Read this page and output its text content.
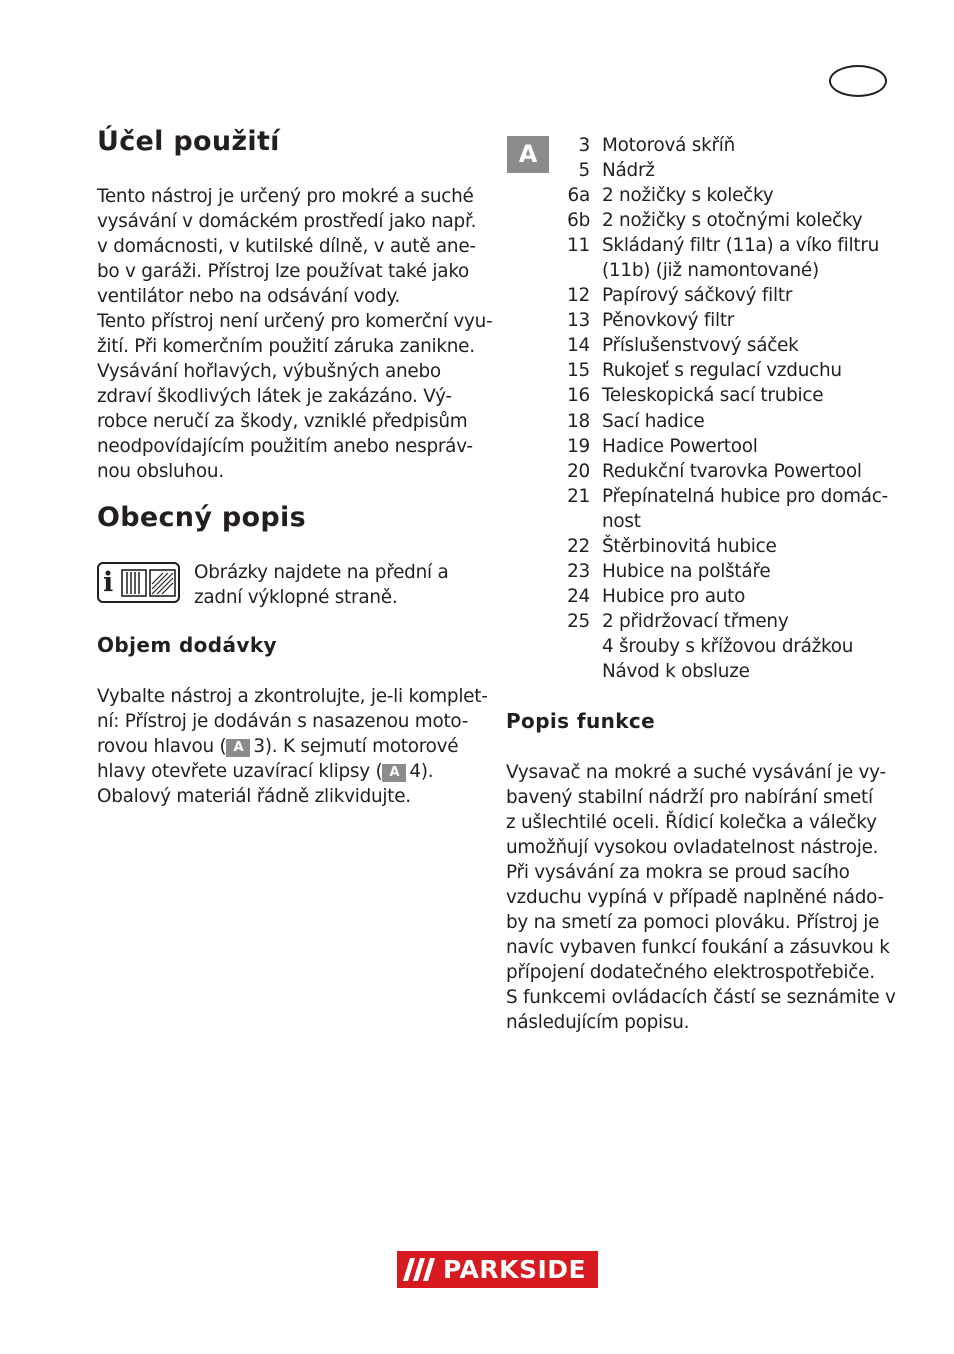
Účel použití

Tento nástroj je určený pro mokré a suché

vysávání v domáckém prostředí jako např.

v domácnosti, v kutilské dílně, v autě ane-

bo v garáži. Přístroj lze používat také jako

ventilátor nebo na odsávání vody.

Tento přístroj není určený pro komerční vyu-

žití. Při komerčním použití záruka zanikne.

Vysávání hořlavých, výbušných anebo

zdraví škodlivých látek je zakázáno. Vý-

robce neručí za škody, vzniklé předpisům

neodpovídajícím použitím anebo nespráv-

nou obsluhou.

Obecný popis
i	Obrázky najdete na přední a

zadní výklopné straně.

Objem dodávky

Vybalte nástroj a zkontrolujte, je-li komplet-

ní: Přístroj je dodáván s nasazenou moto-

rovou hlavou ( A 3). K sejmutí motorové

hlavy otevřete uzavírací klipsy ( A 4).

Obalový materiál řádně zlikvidujte.

A	3 Motorová skříň
5 Nádrž
6a 2 nožičky s kolečky
6b 2 nožičky s otočnými kolečky
11 Skládaný filtr (11a) a víko filtru
(11b) (již namontované)
12 Papírový sáčkový filtr
13 Pěnovkový filtr
14 Příslušenstvový sáček
15 Rukojeť s regulací vzduchu
16 Teleskopická sací trubice
18 Sací hadice
19 Hadice Powertool
20 Redukční tvarovka Powertool
21 Přepínatelná hubice pro domác-
nost
22 Štěrbinovitá hubice
23 Hubice na polštáře
24 Hubice pro auto
25 2 přidržovací třmeny
4 šrouby s křížovou drážkou
Návod k obsluze
Popis funkce

Vysavač na mokré a suché vysávání je vy-

bavený stabilní nádrží pro nabírání smetí

z ušlechtilé oceli. Řídicí kolečka a válečky

umožňují vysokou ovladatelnost nástroje.

Při vysávání za mokra se proud sacího

vzduchu vypíná v případě naplněné nádo-

by na smetí za pomoci plováku. Přístroj je

navíc vybaven funkcí foukání a zásuvkou k

přípojení dodatečného elektrospotřebiče.

S funkcemi ovládacích částí se seznámite v

následujícím popisu.

PARKSIDE
